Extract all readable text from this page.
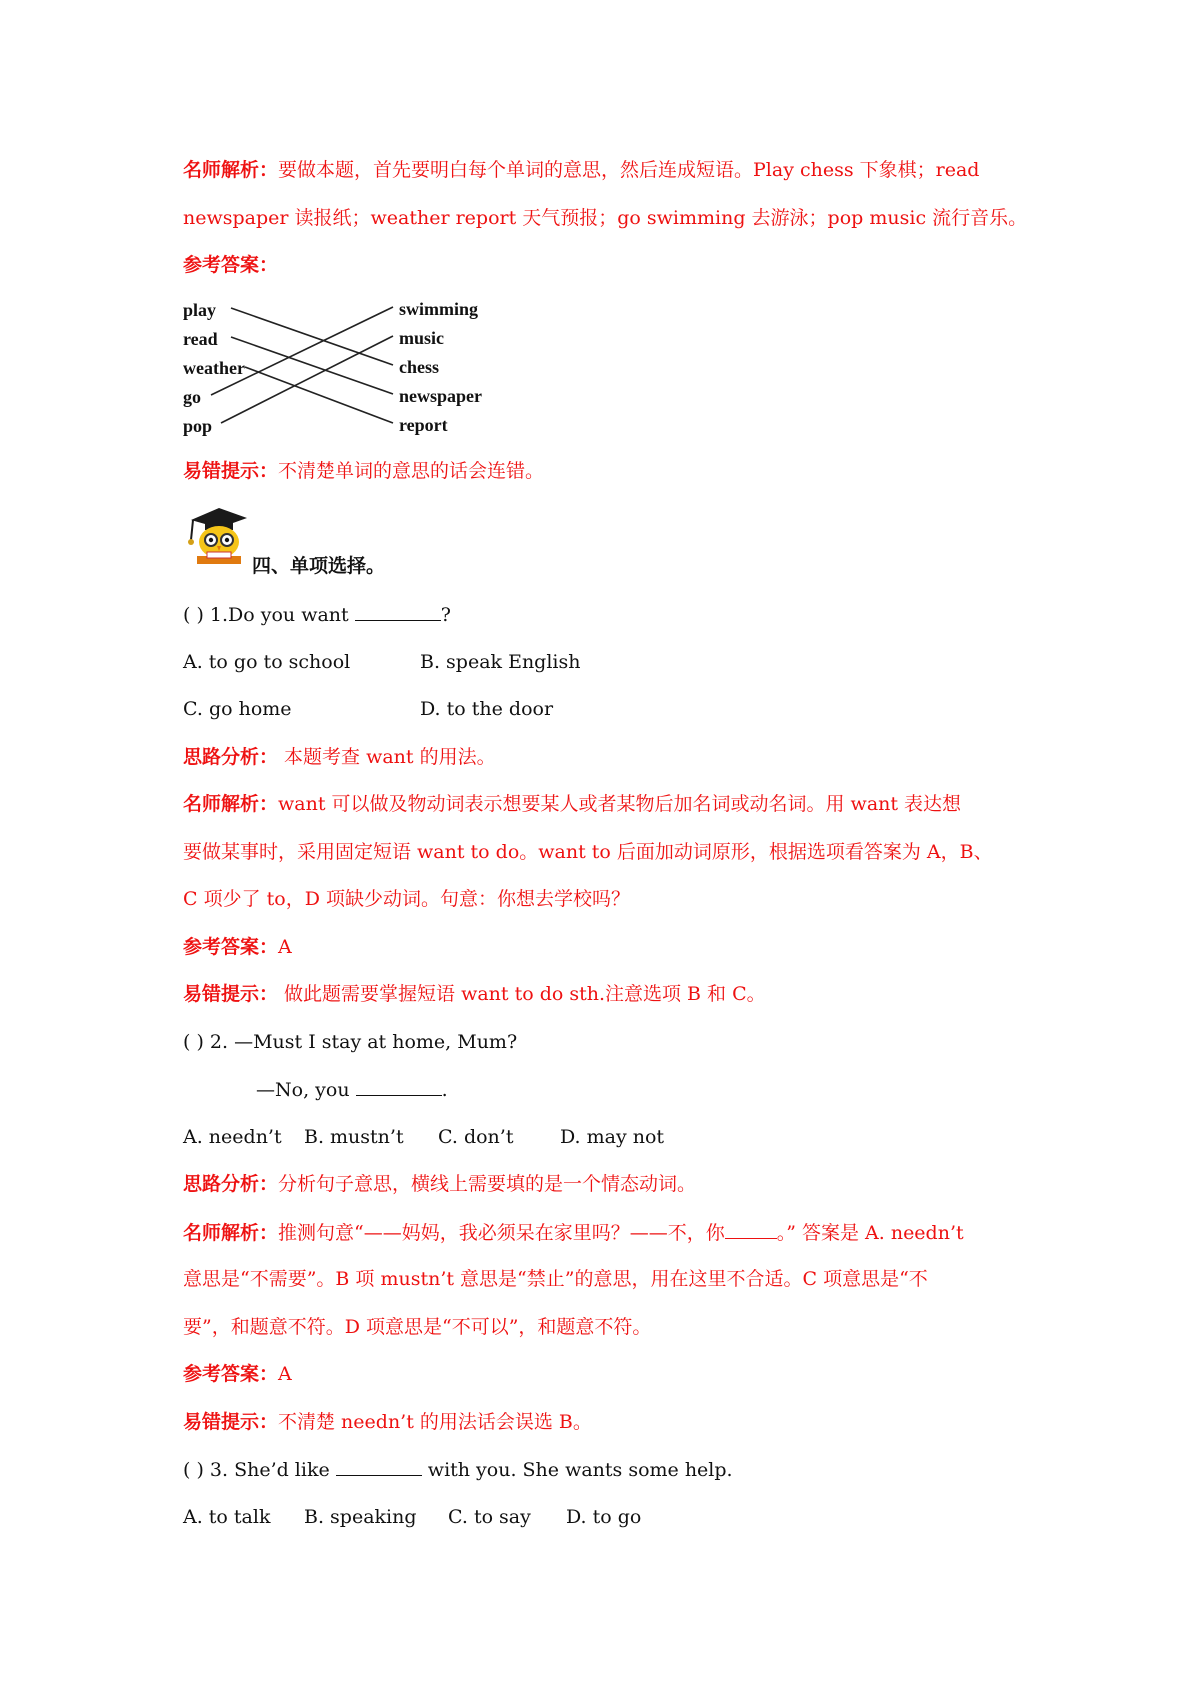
名师解析：要做本题，首先要明白每个单词的意思，然后连成短语。Play chess 下象棋；read
newspaper 读报纸；weather report 天气预报；go swimming 去游泳；pop music 流行音乐。
参考答案：
play
read
weather
go
pop
swimming
music
chess
newspaper
report
易错提示：不清楚单词的意思的话会连错。
四、单项选择。
( ) 1.Do you want	?
A. to go to school	B. speak English
C. go home	D. to the door
思路分析： 本题考查 want 的用法。
名师解析：want 可以做及物动词表示想要某人或者某物后加名词或动名词。用 want 表达想
要做某事时，采用固定短语 want to do。want to 后面加动词原形，根据选项看答案为 A，B、
C 项少了 to，D 项缺少动词。句意：你想去学校吗？
参考答案：A
易错提示： 做此题需要掌握短语 want to do sth.注意选项 B 和 C。
( ) 2. —Must I stay at home, Mum?
—No, you	.
A. needn’t B. mustn’t C. don’t D. may not
思路分析：分析句子意思，横线上需要填的是一个情态动词。
名师解析：推测句意“——妈妈，我必须呆在家里吗？——不，你	。” 答案是 A. needn’t
意思是“不需要”。B 项 mustn’t 意思是“禁止”的意思，用在这里不合适。C 项意思是“不
要”，和题意不符。D 项意思是“不可以”，和题意不符。
参考答案：A
易错提示：不清楚 needn’t 的用法话会误选 B。
( ) 3. She’d like	with you. She wants some help.
A. to talk B. speaking C. to say D. to go
